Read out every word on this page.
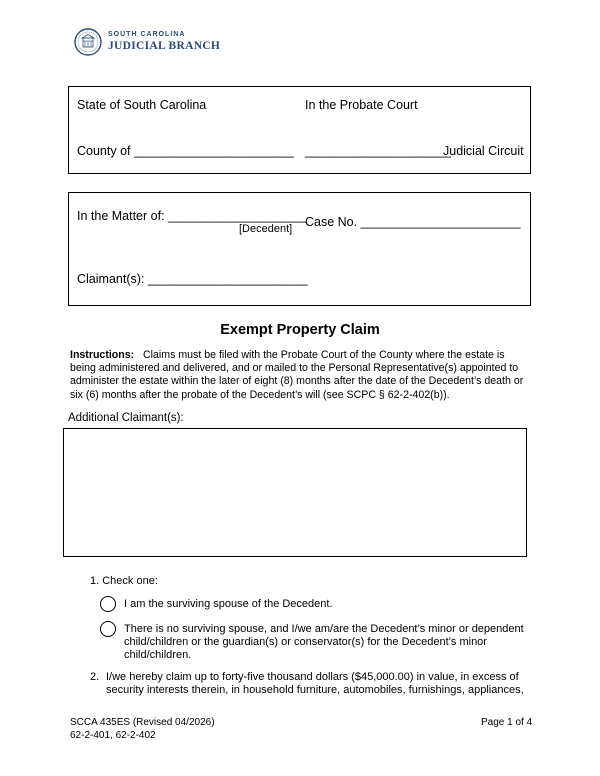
SOUTH CAROLINA
JUDICIAL BRANCH
State of South Carolina	In the Probate Court
County of _______________________ _____________________
Judicial Circuit
In the Matter of: ____________________
[Decedent] Case No. _______________________
Claimant(s): _______________________
Exempt Property Claim
Instructions: Claims must be filed with the Probate Court of the County where the estate is being administered and delivered, and or mailed to the Personal Representative(s) appointed to administer the estate within the later of eight (8) months after the date of the Decedent’s death or six (6) months after the probate of the Decedent’s will (see SCPC § 62-2-402(b)).
Additional Claimant(s):
1. Check one:
I am the surviving spouse of the Decedent.
There is no surviving spouse, and I/we am/are the Decedent’s minor or dependent
child/children or the guardian(s) or conservator(s) for the Decedent’s minor
child/children.
2. I/we hereby claim up to forty-five thousand dollars ($45,000.00) in value, in excess of
security interests therein, in household furniture, automobiles, furnishings, appliances,
SCCA 435ES (Revised 04/2026)
62-2-401, 62-2-402
Page 1 of 4
